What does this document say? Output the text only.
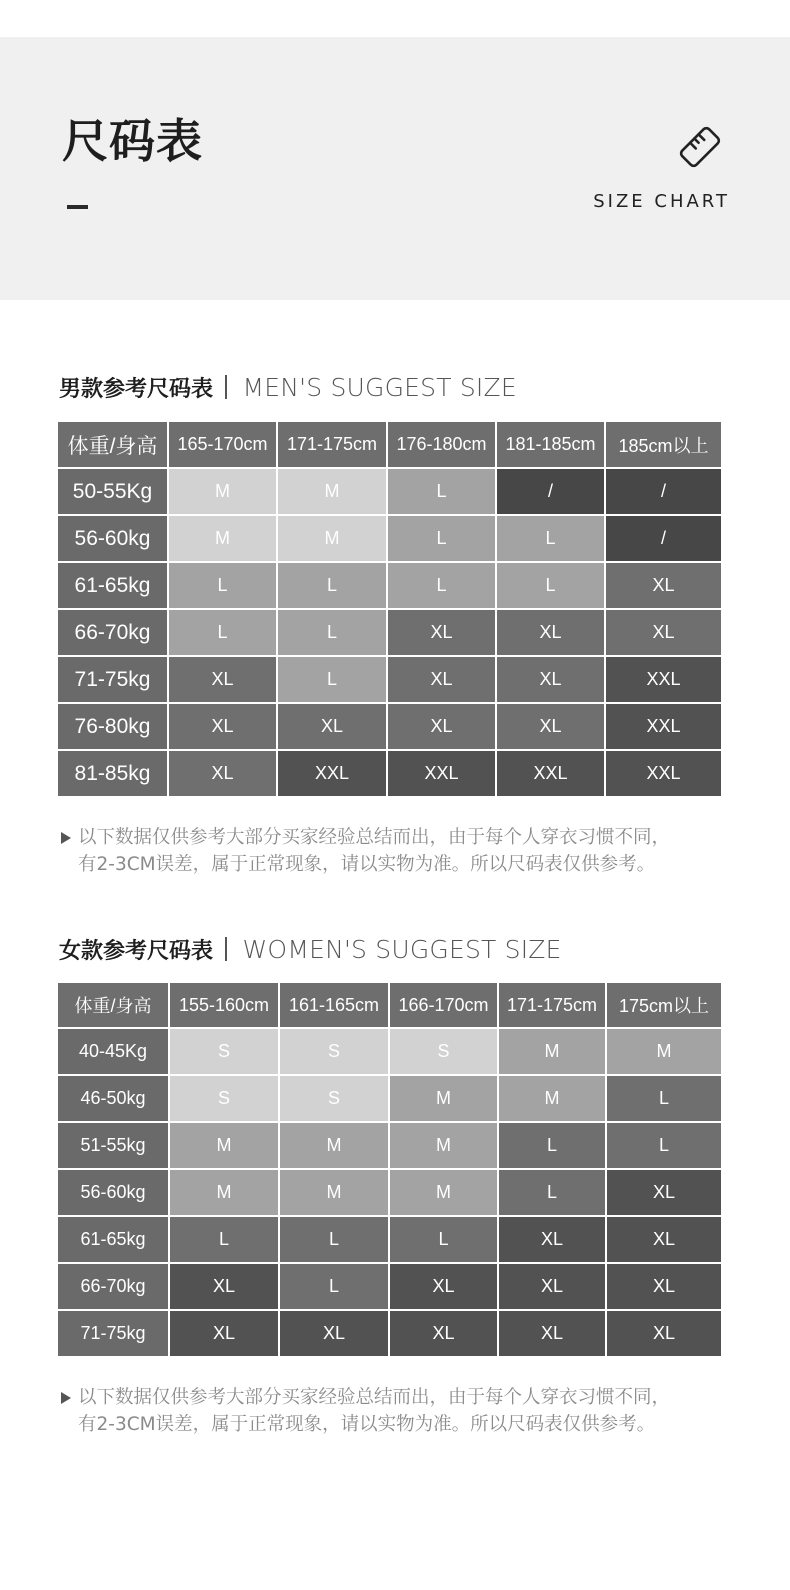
尺码表
SIZE CHART
男款参考尺码表 MEN'S SUGGEST SIZE
体重/身高	165-170cm	171-175cm	176-180cm	181-185cm	185cm以上
50-55Kg	M	M	L	/	/
56-60kg	M	M	L	L	/
61-65kg	L	L	L	L	XL
66-70kg	L	L	XL	XL	XL
71-75kg	XL	L	XL	XL	XXL
76-80kg	XL	XL	XL	XL	XXL
81-85kg	XL	XXL	XXL	XXL	XXL
以下数据仅供参考大部分买家经验总结而出，由于每个人穿衣习惯不同，
有2-3CM误差，属于正常现象，请以实物为准。所以尺码表仅供参考。
女款参考尺码表 WOMEN'S SUGGEST SIZE
体重/身高	155-160cm	161-165cm	166-170cm	171-175cm	175cm以上
40-45Kg	S	S	S	M	M
46-50kg	S	S	M	M	L
51-55kg	M	M	M	L	L
56-60kg	M	M	M	L	XL
61-65kg	L	L	L	XL	XL
66-70kg	XL	L	XL	XL	XL
71-75kg	XL	XL	XL	XL	XL
以下数据仅供参考大部分买家经验总结而出，由于每个人穿衣习惯不同，
有2-3CM误差，属于正常现象，请以实物为准。所以尺码表仅供参考。
